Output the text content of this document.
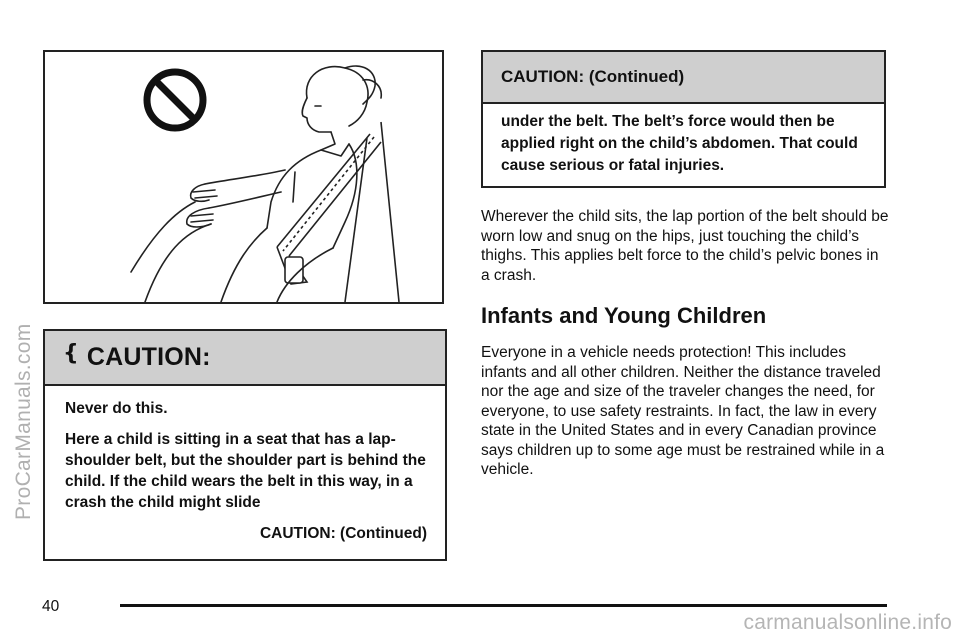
{ CAUTION:

Never do this.

Here a child is sitting in a seat that has a lap-shoulder belt, but the shoulder part is behind the child. If the child wears the belt in this way, in a crash the child might slide

CAUTION: (Continued)

CAUTION: (Continued)
under the belt. The belt’s force would then be applied right on the child’s abdomen. That could cause serious or fatal injuries.

Wherever the child sits, the lap portion of the belt should be worn low and snug on the hips, just touching the child’s thighs. This applies belt force to the child’s pelvic bones in a crash.

Infants and Young Children

Everyone in a vehicle needs protection! This includes infants and all other children. Neither the distance traveled nor the age and size of the traveler changes the need, for everyone, to use safety restraints. In fact, the law in every state in the United States and in every Canadian province says children up to some age must be restrained while in a vehicle.

ProCarManuals.com
40
carmanualsonline.info
